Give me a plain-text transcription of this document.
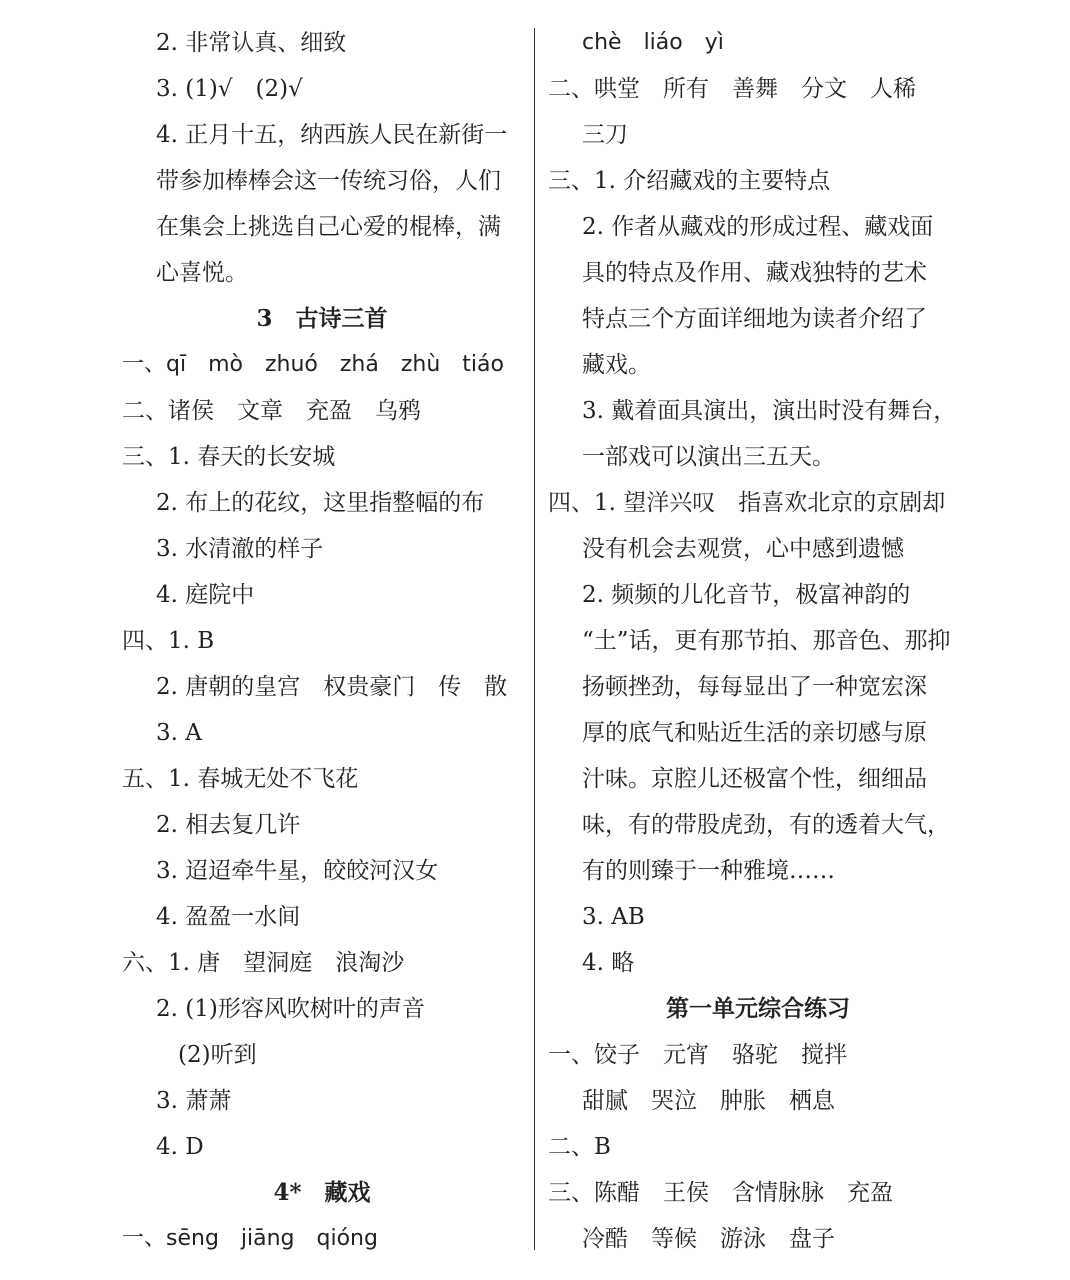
2. 非常认真、细致
3. (1)√　(2)√
4. 正月十五，纳西族人民在新街一
带参加棒棒会这一传统习俗，人们
在集会上挑选自己心爱的棍棒，满
心喜悦。
3　古诗三首
一、qī　mò　zhuó　zhá　zhù　tiáo
二、诸侯　文章　充盈　乌鸦
三、1. 春天的长安城
2. 布上的花纹，这里指整幅的布
3. 水清澈的样子
4. 庭院中
四、1. B
2. 唐朝的皇宫　权贵豪门　传　散
3. A
五、1. 春城无处不飞花
2. 相去复几许
3. 迢迢牵牛星，皎皎河汉女
4. 盈盈一水间
六、1. 唐　望洞庭　浪淘沙
2. (1)形容风吹树叶的声音
(2)听到
3. 萧萧
4. D
4*　藏戏
一、sēng　jiāng　qióng
chè　liáo　yì
二、哄堂　所有　善舞　分文　人稀
三刀
三、1. 介绍藏戏的主要特点
2. 作者从藏戏的形成过程、藏戏面
具的特点及作用、藏戏独特的艺术
特点三个方面详细地为读者介绍了
藏戏。
3. 戴着面具演出，演出时没有舞台，
一部戏可以演出三五天。
四、1. 望洋兴叹　指喜欢北京的京剧却
没有机会去观赏，心中感到遗憾
2. 频频的儿化音节，极富神韵的
“土”话，更有那节拍、那音色、那抑
扬顿挫劲，每每显出了一种宽宏深
厚的底气和贴近生活的亲切感与原
汁味。京腔儿还极富个性，细细品
味，有的带股虎劲，有的透着大气，
有的则臻于一种雅境……
3. AB
4. 略
第一单元综合练习
一、饺子　元宵　骆驼　搅拌
甜腻　哭泣　肿胀　栖息
二、B
三、陈醋　王侯　含情脉脉　充盈
冷酷　等候　游泳　盘子
